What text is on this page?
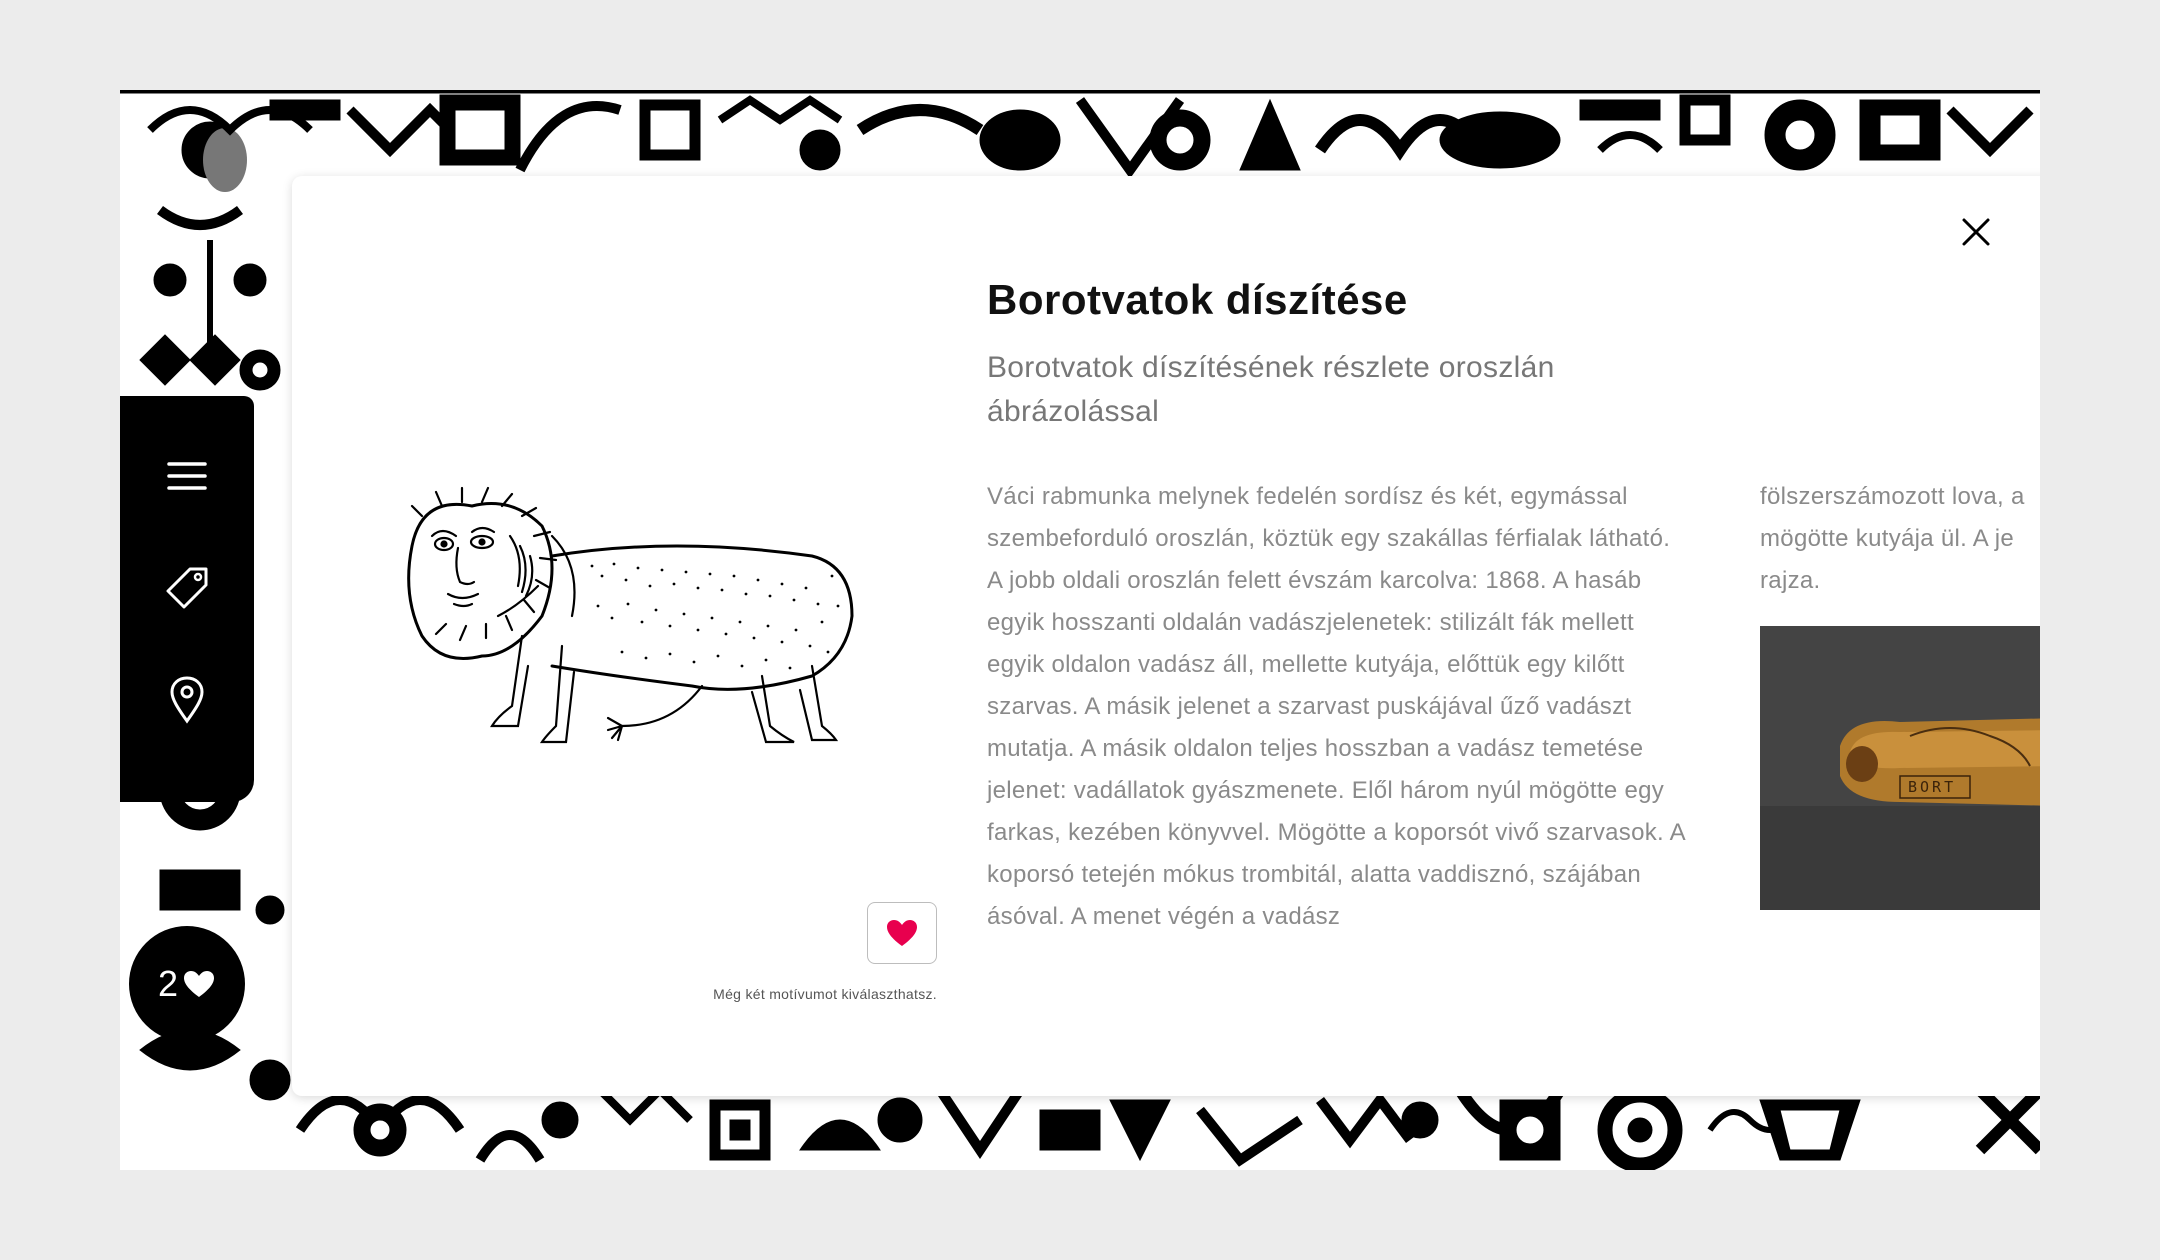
Még két motívumot kiválaszthatsz.
Borotvatok díszítése

Borotvatok díszítésének részlete oroszlán ábrázolással

Váci rabmunka melynek fedelén sordísz és két, egymással szembeforduló oroszlán, köztük egy szakállas férfialak látható. A jobb oldali oroszlán felett évszám karcolva: 1868. A hasáb egyik hosszanti oldalán vadászjelenetek: stilizált fák mellett egyik oldalon vadász áll, mellette kutyája, előttük egy kilőtt szarvas. A másik jelenet a szarvast puskájával űző vadászt mutatja. A másik oldalon teljes hosszban a vadász temetése jelenet: vadállatok gyászmenete. Elől három nyúl mögötte egy farkas, kezében könyvvel. Mögötte a koporsót vivő szarvasok. A koporsó tetején mókus trombitál, alatta vaddisznó, szájában ásóval. A menet végén a vadász

fölszerszámozott lova, a
mögötte kutyája ül. A je
rajza.
BORT
2
